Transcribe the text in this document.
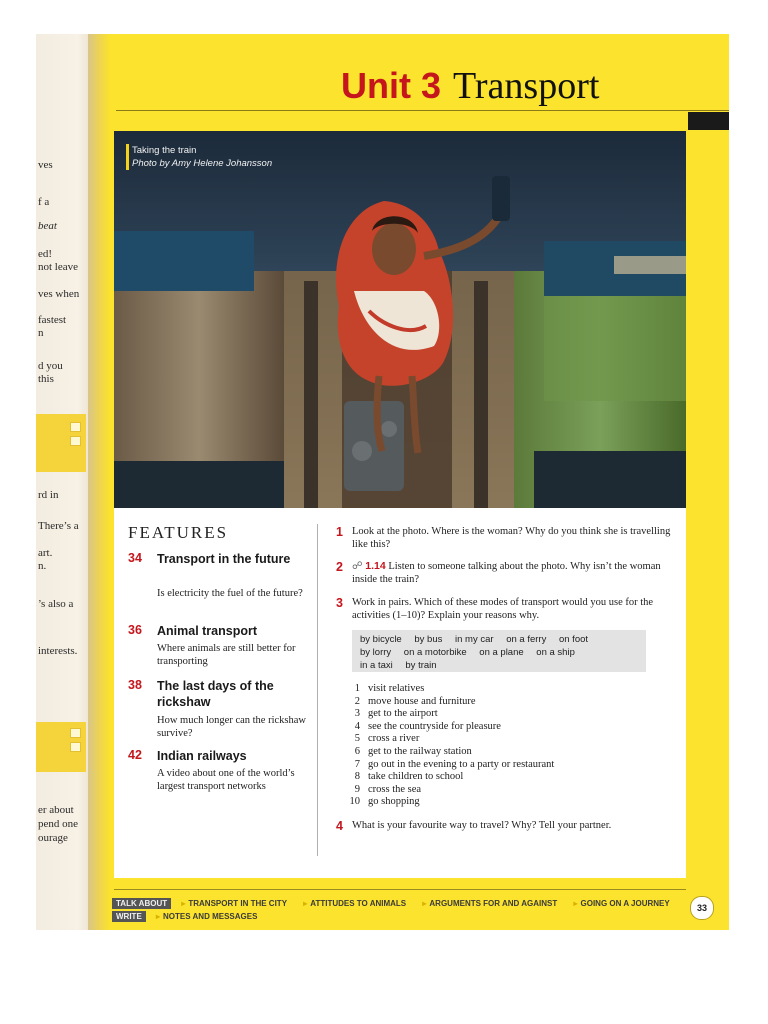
ves
f a
beat
ed!
not leave
ves when
fastest
n
d you
this
rd in
There’s a
art.
n.
’s also a
interests.
er about
pend one
ourage
Unit 3 Transport
Taking the train
Photo by Amy Helene Johansson
FEATURES
34 Transport in the future
Is electricity the fuel of the future?
36 Animal transport
Where animals are still better for transporting
38 The last days of the rickshaw
How much longer can the rickshaw survive?
42 Indian railways
A video about one of the world’s largest transport networks
1 Look at the photo. Where is the woman? Why do you think she is travelling like this?
2 ☍ 1.14 Listen to someone talking about the photo. Why isn’t the woman inside the train?
3 Work in pairs. Which of these modes of transport would you use for the activities (1–10)? Explain your reasons why.
by bicycle by bus in my car on a ferry on foot
by lorry on a motorbike on a plane on a ship
in a taxi by train
1 visit relatives
2 move house and furniture
3 get to the airport
4 see the countryside for pleasure
5 cross a river
6 get to the railway station
7 go out in the evening to a party or restaurant
8 take children to school
9 cross the sea
10 go shopping
4 What is your favourite way to travel? Why? Tell your partner.
TALK ABOUT ▸ TRANSPORT IN THE CITY ▸ ATTITUDES TO ANIMALS ▸ ARGUMENTS FOR AND AGAINST ▸ GOING ON A JOURNEY
WRITE ▸ NOTES AND MESSAGES
33
